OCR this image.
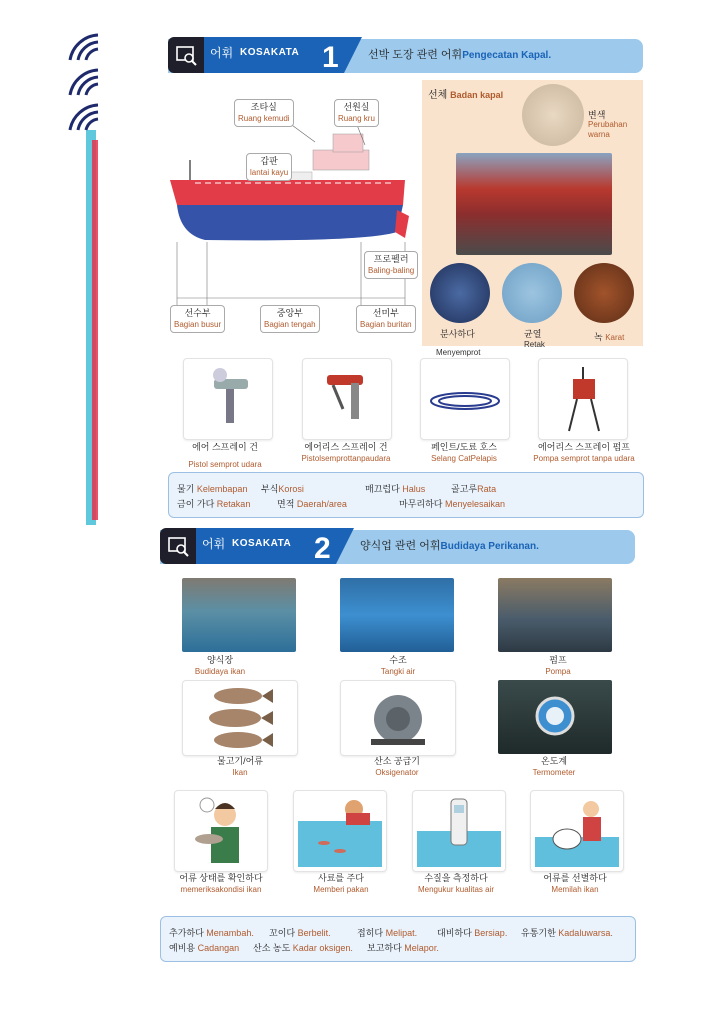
어휘 KOSAKATA 1	선박 도장 관련 어휘Pengecatan Kapal.
조타실
Ruang kemudi
선원실
Ruang kru
갑판
lantai kayu
프로펠러
Baling-baling
선수부
Bagian busur
중앙부
Bagian tengah
선미부
Bagian buritan
선체 Badan kapal
변색
Perubahan warna
분사하다
Menyemprot
균열
Retak
녹 Karat
에어 스프레이 건
Pistol semprot udara
에어리스 스프레이 건
Pistolsemprottanpaudara
페인트/도료 호스
Selang CatPelapis
에어리스 스프레이 펌프
Pompa semprot tanpa udara
물기 Kelembapan 부식Korosi	매끄럽다 Halus	골고루Rata
금이 가다 Retakan	면적 Daerah/area	마무리하다 Menyelesaikan
어휘 KOSAKATA 2	양식업 관련 어휘Budidaya Perikanan.
양식장
Budidaya ikan
수조
Tangki air
펌프
Pompa
물고기/어류
Ikan
산소 공급기
Oksigenator
온도계
Termometer
어류 상태를 확인하다
memeriksakondisi ikan
사료를 주다
Memberi pakan
수질을 측정하다
Mengukur kualitas air
어류를 선별하다
Memilah ikan
추가하다 Menambah. 꼬이다 Berbelit.	접히다 Melipat. 대비하다 Bersiap. 유통기한 Kadaluwarsa.
예비용 Cadangan 산소 농도 Kadar oksigen. 보고하다 Melapor.
